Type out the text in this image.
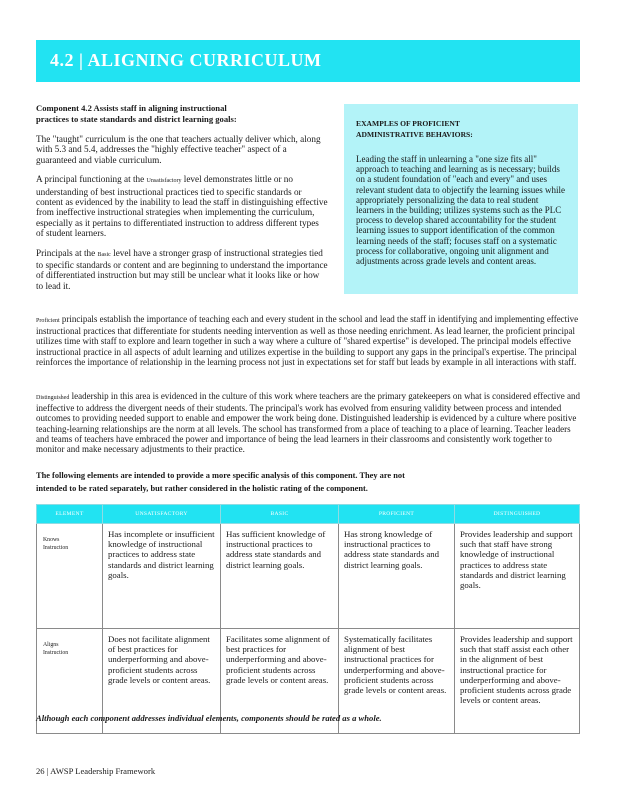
4.2 | ALIGNING CURRICULUM

Component 4.2 Assists staff in aligning instructional
practices to state standards and district learning goals:

The "taught" curriculum is the one that teachers actually deliver which, along with 5.3 and 5.4, addresses the "highly effective teacher" aspect of a guaranteed and viable curriculum.

A principal functioning at the Unsatisfactory level demonstrates little or no understanding of best instructional practices tied to specific standards or content as evidenced by the inability to lead the staff in distinguishing effective from ineffective instructional strategies when implementing the curriculum, especially as it pertains to differentiated instruction to address different types of student learners.

Principals at the Basic level have a stronger grasp of instructional strategies tied to specific standards or content and are beginning to understand the importance of differentiated instruction but may still be unclear what it looks like or how to lead it.

EXAMPLES OF PROFICIENT
ADMINISTRATIVE BEHAVIORS:

Leading the staff in unlearning a "one size fits all" approach to teaching and learning as is necessary; builds on a student foundation of "each and every" and uses relevant student data to objectify the learning issues while appropriately personalizing the data to real student learners in the building; utilizes systems such as the PLC process to develop shared accountability for the student learning issues to support identification of the common learning needs of the staff; focuses staff on a systematic process for collaborative, ongoing unit alignment and adjustments across grade levels and content areas.

Proficient principals establish the importance of teaching each and every student in the school and lead the staff in identifying and implementing effective instructional practices that differentiate for students needing intervention as well as those needing enrichment. As lead learner, the proficient principal utilizes time with staff to explore and learn together in such a way where a culture of "shared expertise" is developed. The principal models effective instructional practice in all aspects of adult learning and utilizes expertise in the building to support any gaps in the principal's expertise. The principal reinforces the importance of relationship in the learning process not just in expectations set for staff but leads by example in all interactions with staff.

Distinguished leadership in this area is evidenced in the culture of this work where teachers are the primary gatekeepers on what is considered effective and ineffective to address the divergent needs of their students. The principal's work has evolved from ensuring validity between process and intended outcomes to providing needed support to enable and empower the work being done. Distinguished leadership is evidenced by a culture where positive teaching-learning relationships are the norm at all levels. The school has transformed from a place of teaching to a place of learning. Teacher leaders and teams of teachers have embraced the power and importance of being the lead learners in their classrooms and consistently work together to monitor and make necessary adjustments to their practice.

The following elements are intended to provide a more specific analysis of this component. They are not
intended to be rated separately, but rather considered in the holistic rating of the component.

ELEMENT	UNSATISFACTORY	BASIC	PROFICIENT	DISTINGUISHED
Knows
Instruction	Has incomplete or insufficient knowledge of instructional practices to address state standards and district learning goals.	Has sufficient knowledge of instructional practices to address state standards and district learning goals.	Has strong knowledge of instructional practices to address state standards and district learning goals.	Provides leadership and support such that staff have strong knowledge of instructional practices to address state standards and district learning goals.
Aligns
Instruction	Does not facilitate alignment of best practices for underperforming and above-proficient students across grade levels or content areas.	Facilitates some alignment of best practices for underperforming and above-proficient students across grade levels or content areas.	Systematically facilitates alignment of best instructional practices for underperforming and above-proficient students across grade levels or content areas.	Provides leadership and support such that staff assist each other in the alignment of best instructional practice for underperforming and above-proficient students across grade levels or content areas.

Although each component addresses individual elements, components should be rated as a whole.

26 | AWSP Leadership Framework
